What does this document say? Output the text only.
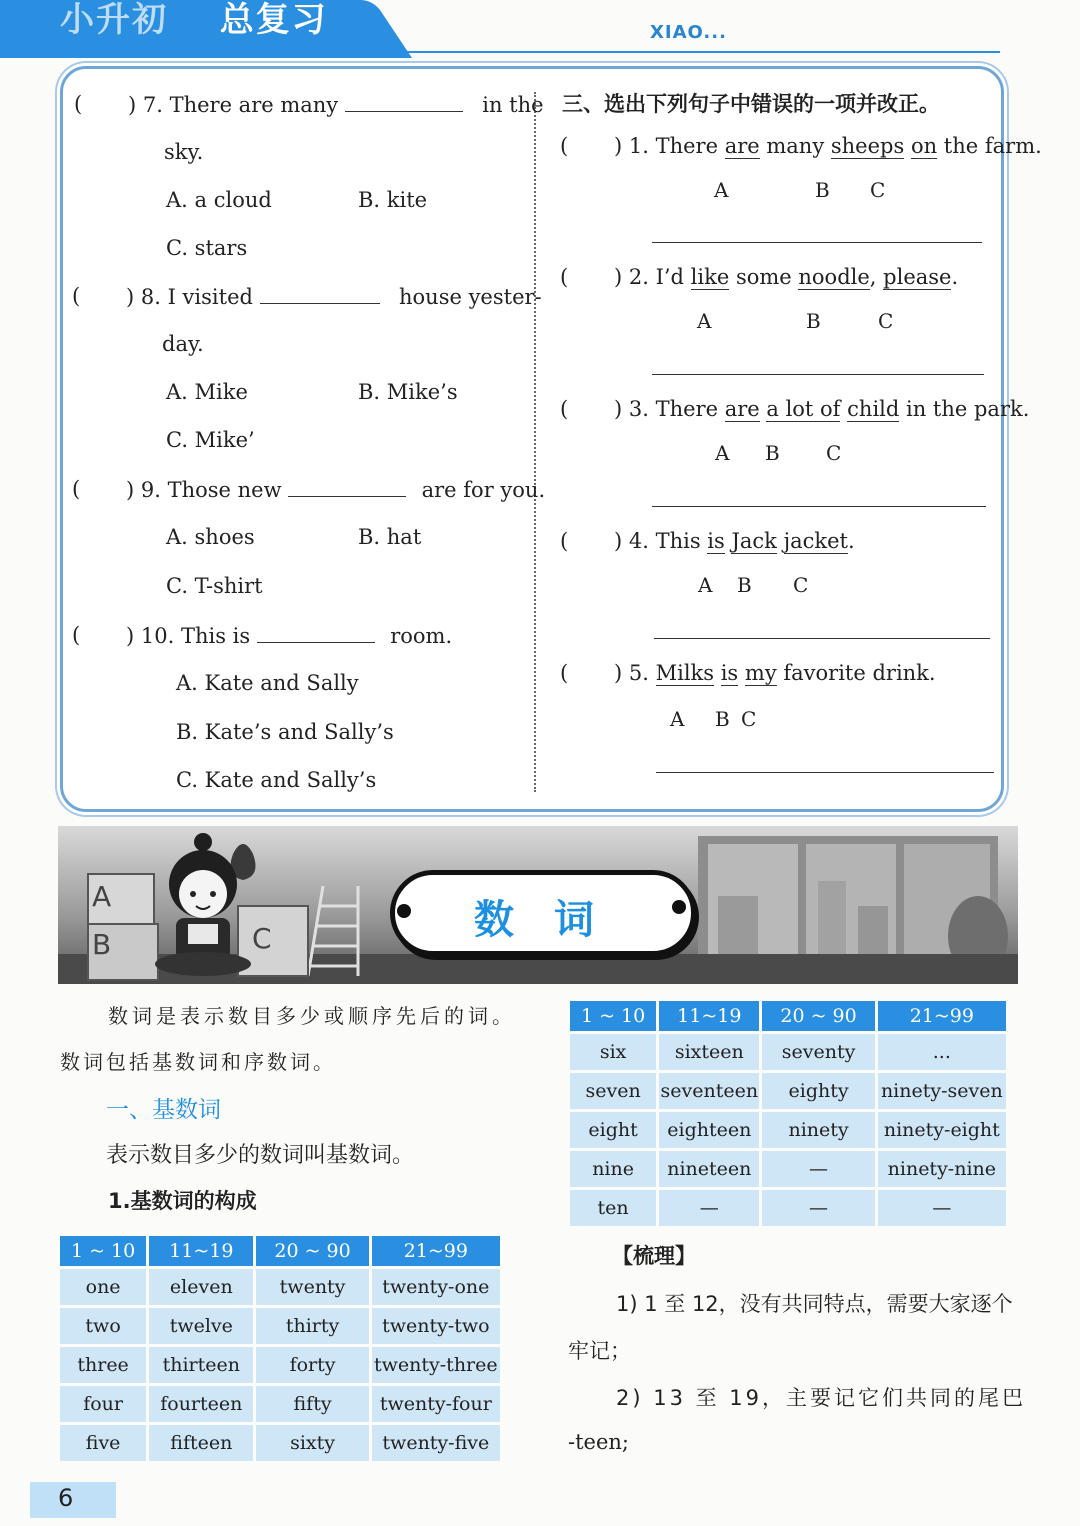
小升初 总复习	XIAO...
( ) 7. There are many	in the
sky.
A. a cloud	B. kite
C. stars
( ) 8. I visited	house yester-
day.
A. Mike	B. Mike’s
C. Mike’
( ) 9. Those new	are for you.
A. shoes	B. hat
C. T-shirt
( ) 10. This is	room.
A. Kate and Sally
B. Kate’s and Sally’s
C. Kate and Sally’s
三、选出下列句子中错误的一项并改正。
( ) 1. There are many sheeps on the farm.
A	B C
( ) 2. I’d like some noodle, please.
A	B	C
( ) 3. There are a lot of child in the park.
A B C
( ) 4. This is Jack jacket.
A B C
( ) 5. Milks is my favorite drink.
A B C
A
B	C	数词
数词是表示数目多少或顺序先后的词。
数词包括基数词和序数词。
一、基数词
表示数目多少的数词叫基数词。
1.基数词的构成
1 ~ 10	11~19	20 ~ 90	21~99
one	eleven	twenty	twenty-one
two	twelve	thirty	twenty-two
three	thirteen	forty	twenty-three
four	fourteen	fifty	twenty-four
five	fifteen	sixty	twenty-five
1 ~ 10	11~19	20 ~ 90	21~99
six	sixteen	seventy	...
seven	seventeen	eighty	ninety-seven
eight	eighteen	ninety	ninety-eight
nine	nineteen	—	ninety-nine
ten	—	—	—
【梳理】
1) 1 至 12，没有共同特点，需要大家逐个
牢记；
2) 13 至 19，主要记它们共同的尾巴
-teen;
6
